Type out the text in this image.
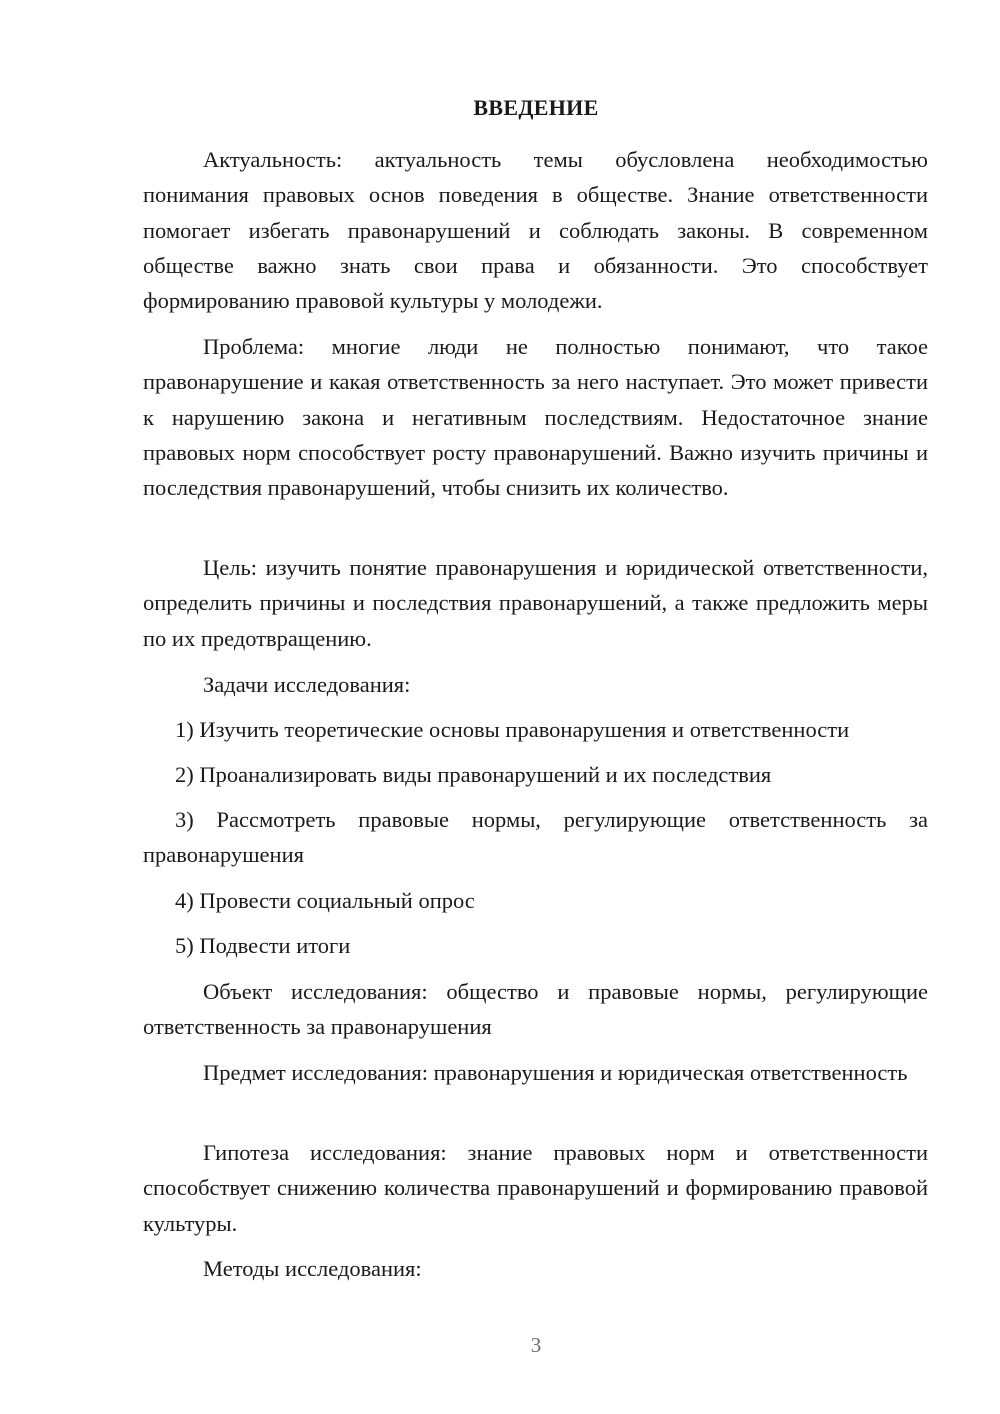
ВВЕДЕНИЕ

Актуальность: актуальность темы обусловлена необходимостью понимания правовых основ поведения в обществе. Знание ответственности помогает избегать правонарушений и соблюдать законы. В современном обществе важно знать свои права и обязанности. Это способствует формированию правовой культуры у молодежи.

Проблема: многие люди не полностью понимают, что такое правонарушение и какая ответственность за него наступает. Это может привести к нарушению закона и негативным последствиям. Недостаточное знание правовых норм способствует росту правонарушений. Важно изучить причины и последствия правонарушений, чтобы снизить их количество.

Цель: изучить понятие правонарушения и юридической ответственности, определить причины и последствия правонарушений, а также предложить меры по их предотвращению.

Задачи исследования:

1) Изучить теоретические основы правонарушения и ответственности

2) Проанализировать виды правонарушений и их последствия

3) Рассмотреть правовые нормы, регулирующие ответственность за правонарушения

4) Провести социальный опрос

5) Подвести итоги

Объект исследования: общество и правовые нормы, регулирующие ответственность за правонарушения

Предмет исследования: правонарушения и юридическая ответственность

Гипотеза исследования: знание правовых норм и ответственности способствует снижению количества правонарушений и формированию правовой культуры.

Методы исследования:

3
